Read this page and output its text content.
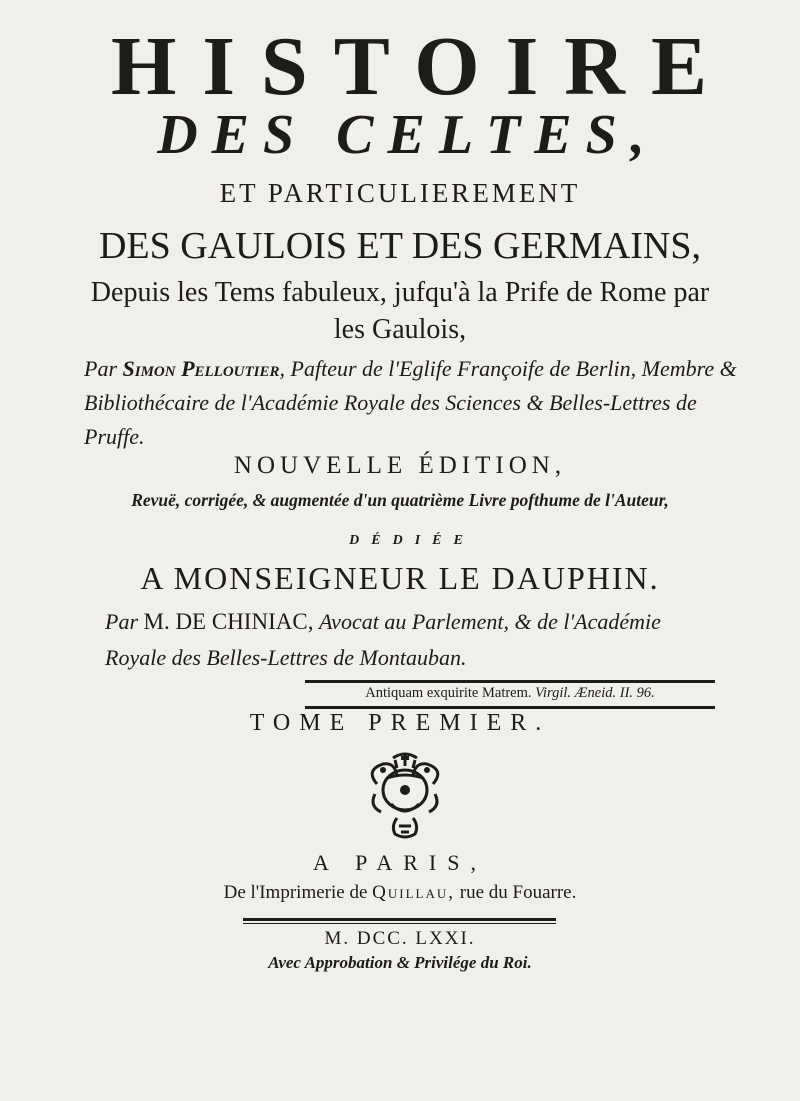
HISTOIRE
DES CELTES,
ET PARTICULIEREMENT
DES GAULOIS ET DES GERMAINS,
Depuis les Tems fabuleux, jufqu'à la Prife de Rome par
les Gaulois,
Par Simon Pelloutier, Pafteur de l'Eglife Françoife de Berlin, Membre & Bibliothécaire de l'Académie Royale des Sciences & Belles-Lettres de Pruffe.
NOUVELLE ÉDITION,
Revuë, corrigée, & augmentée d'un quatrième Livre pofthume de l'Auteur,
DÉDIÉE
A MONSEIGNEUR LE DAUPHIN.
Par M. DE CHINIAC, Avocat au Parlement, & de l'Académie Royale des Belles-Lettres de Montauban.
Antiquam exquirite Matrem. Virgil. Æneid. II. 96.
TOME PREMIER.
A PARIS,
De l'Imprimerie de Quillau, rue du Fouarre.
M. DCC. LXXI.
Avec Approbation & Privilége du Roi.
